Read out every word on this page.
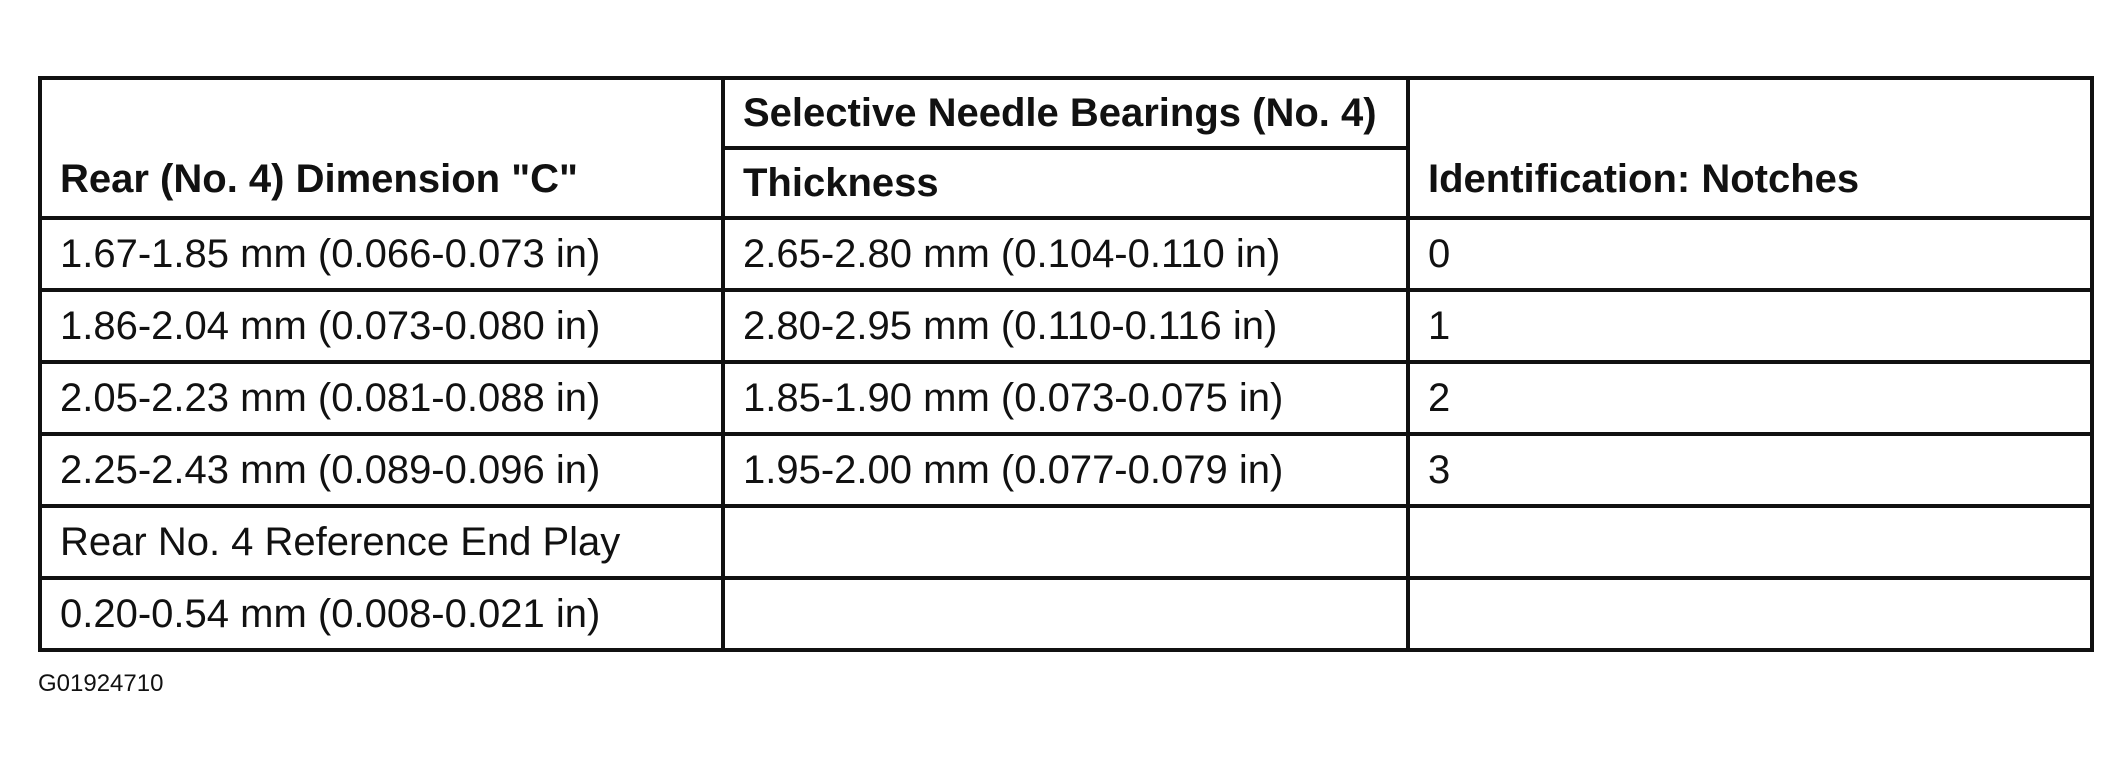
Rear (No. 4) Dimension "C"	Selective Needle Bearings (No. 4)	Identification: Notches
	Thickness	
1.67-1.85 mm (0.066-0.073 in)	2.65-2.80 mm (0.104-0.110 in)	0
1.86-2.04 mm (0.073-0.080 in)	2.80-2.95 mm (0.110-0.116 in)	1
2.05-2.23 mm (0.081-0.088 in)	1.85-1.90 mm (0.073-0.075 in)	2
2.25-2.43 mm (0.089-0.096 in)	1.95-2.00 mm (0.077-0.079 in)	3
Rear No. 4 Reference End Play		
0.20-0.54 mm (0.008-0.021 in)		
G01924710
